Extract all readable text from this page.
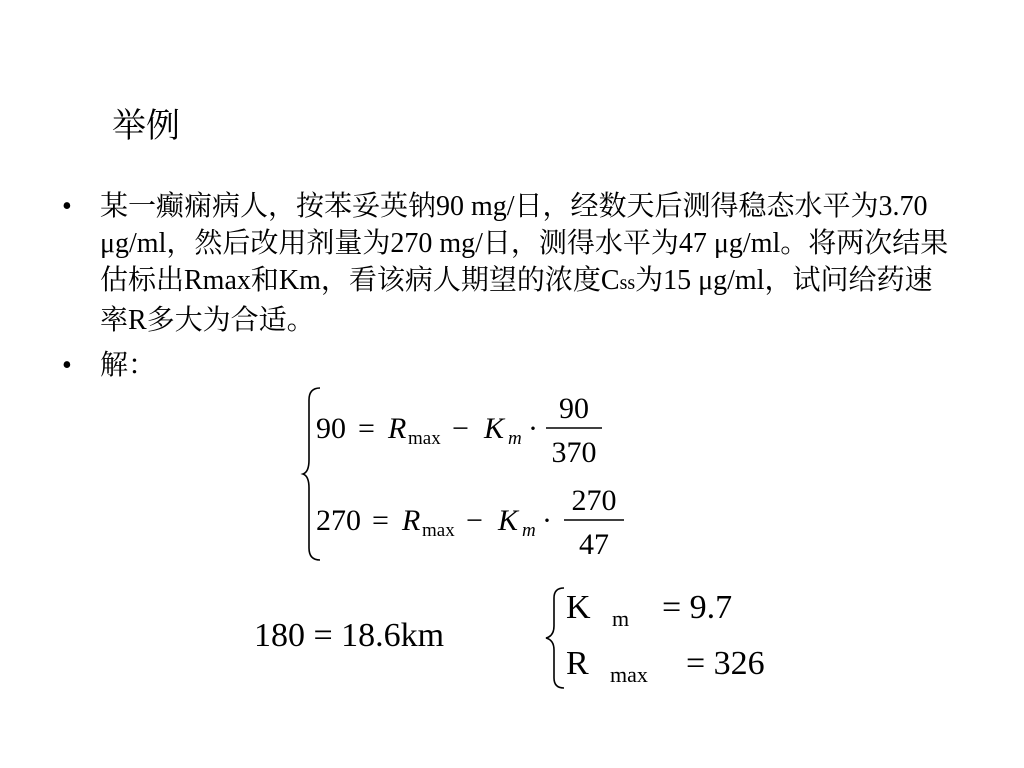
举例
• 某一癫痫病人，按苯妥英钠90 mg/日，经数天后测得稳态水平为3.70 μg/ml，然后改用剂量为270 mg/日，测得水平为47 μg/ml。将两次结果估标出Rmax和Km，看该病人期望的浓度Css为15 μg/ml，试问给药速率R多大为合适。
• 解：
90 = R max − K m ·
90
370
270 = R max − K m ·
270
47
180 = 18.6km
K m = 9.7
R max = 326
